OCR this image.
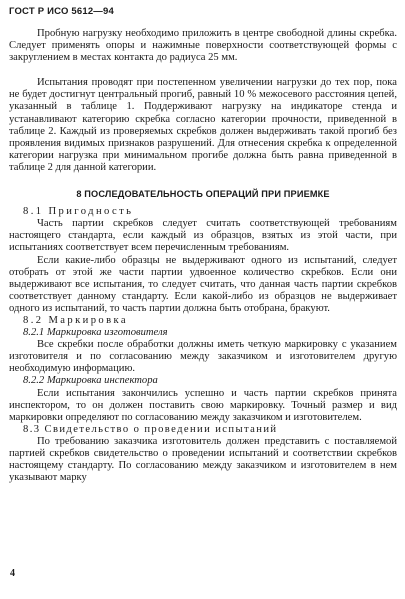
ГОСТ Р ИСО 5612—94

Пробную нагрузку необходимо приложить в центре свободной длины скребка. Следует применять опоры и нажимные поверхности соответствующей формы с закруглением в местах контакта до радиуса 25 мм.

Испытания проводят при постепенном увеличении нагрузки до тех пор, пока не будет достигнут центральный прогиб, равный 10 % межосевого расстояния цепей, указанный в таблице 1. Поддерживают нагрузку на индикаторе стенда и устанавливают категорию скребка согласно категории прочности, приведенной в таблице 2. Каждый из проверяемых скребков должен выдерживать такой прогиб без проявления видимых признаков разрушений. Для отнесения скребка к определенной категории нагрузка при минимальном прогибе должна быть равна приведенной в таблице 2 для данной категории.

8 ПОСЛЕДОВАТЕЛЬНОСТЬ ОПЕРАЦИЙ ПРИ ПРИЕМКЕ

8.1 Пригодность

Часть партии скребков следует считать соответствующей требованиям настоящего стандарта, если каждый из образцов, взятых из этой части, при испытаниях соответствует всем перечисленным требованиям.

Если какие-либо образцы не выдерживают одного из испытаний, следует отобрать от этой же части партии удвоенное количество скребков. Если они выдерживают все испытания, то следует считать, что данная часть партии скребков соответствует данному стандарту. Если какой-либо из образцов не выдерживает одного из испытаний, то часть партии должна быть отобрана, бракуют.

8.2 Маркировка

8.2.1 Маркировка изготовителя

Все скребки после обработки должны иметь четкую маркировку с указанием изготовителя и по согласованию между заказчиком и изготовителем другую необходимую информацию.

8.2.2 Маркировка инспектора

Если испытания закончились успешно и часть партии скребков принята инспектором, то он должен поставить свою маркировку. Точный размер и вид маркировки определяют по согласованию между заказчиком и изготовителем.

8.3 Свидетельство о проведении испытаний

По требованию заказчика изготовитель должен представить с поставляемой партией скребков свидетельство о проведении испытаний и соответствии скребков настоящему стандарту. По согласованию между заказчиком и изготовителем в нем указывают марку

4
